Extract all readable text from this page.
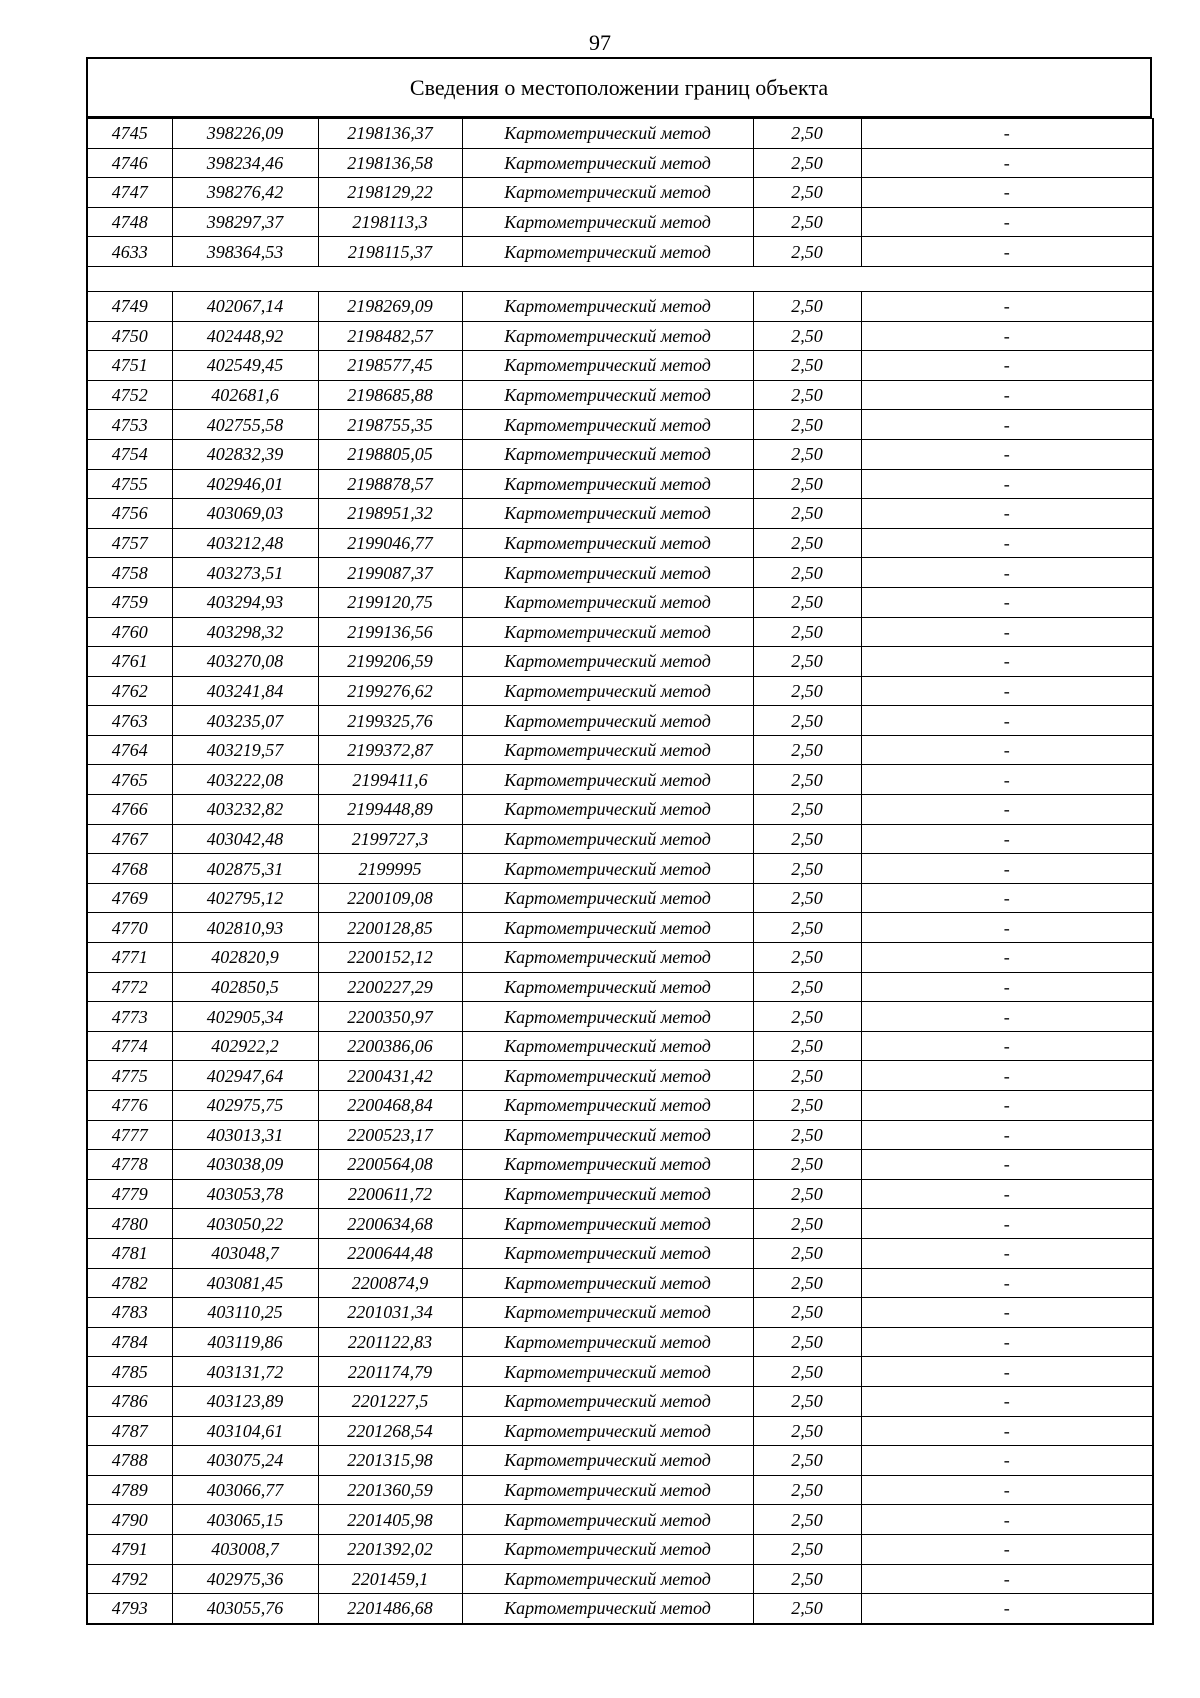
97
Сведения о местоположении границ объекта
4745	398226,09	2198136,37	Картометрический метод	2,50	-
4746	398234,46	2198136,58	Картометрический метод	2,50	-
4747	398276,42	2198129,22	Картометрический метод	2,50	-
4748	398297,37	2198113,3	Картометрический метод	2,50	-
4633	398364,53	2198115,37	Картометрический метод	2,50	-

4749	402067,14	2198269,09	Картометрический метод	2,50	-
4750	402448,92	2198482,57	Картометрический метод	2,50	-
4751	402549,45	2198577,45	Картометрический метод	2,50	-
4752	402681,6	2198685,88	Картометрический метод	2,50	-
4753	402755,58	2198755,35	Картометрический метод	2,50	-
4754	402832,39	2198805,05	Картометрический метод	2,50	-
4755	402946,01	2198878,57	Картометрический метод	2,50	-
4756	403069,03	2198951,32	Картометрический метод	2,50	-
4757	403212,48	2199046,77	Картометрический метод	2,50	-
4758	403273,51	2199087,37	Картометрический метод	2,50	-
4759	403294,93	2199120,75	Картометрический метод	2,50	-
4760	403298,32	2199136,56	Картометрический метод	2,50	-
4761	403270,08	2199206,59	Картометрический метод	2,50	-
4762	403241,84	2199276,62	Картометрический метод	2,50	-
4763	403235,07	2199325,76	Картометрический метод	2,50	-
4764	403219,57	2199372,87	Картометрический метод	2,50	-
4765	403222,08	2199411,6	Картометрический метод	2,50	-
4766	403232,82	2199448,89	Картометрический метод	2,50	-
4767	403042,48	2199727,3	Картометрический метод	2,50	-
4768	402875,31	2199995	Картометрический метод	2,50	-
4769	402795,12	2200109,08	Картометрический метод	2,50	-
4770	402810,93	2200128,85	Картометрический метод	2,50	-
4771	402820,9	2200152,12	Картометрический метод	2,50	-
4772	402850,5	2200227,29	Картометрический метод	2,50	-
4773	402905,34	2200350,97	Картометрический метод	2,50	-
4774	402922,2	2200386,06	Картометрический метод	2,50	-
4775	402947,64	2200431,42	Картометрический метод	2,50	-
4776	402975,75	2200468,84	Картометрический метод	2,50	-
4777	403013,31	2200523,17	Картометрический метод	2,50	-
4778	403038,09	2200564,08	Картометрический метод	2,50	-
4779	403053,78	2200611,72	Картометрический метод	2,50	-
4780	403050,22	2200634,68	Картометрический метод	2,50	-
4781	403048,7	2200644,48	Картометрический метод	2,50	-
4782	403081,45	2200874,9	Картометрический метод	2,50	-
4783	403110,25	2201031,34	Картометрический метод	2,50	-
4784	403119,86	2201122,83	Картометрический метод	2,50	-
4785	403131,72	2201174,79	Картометрический метод	2,50	-
4786	403123,89	2201227,5	Картометрический метод	2,50	-
4787	403104,61	2201268,54	Картометрический метод	2,50	-
4788	403075,24	2201315,98	Картометрический метод	2,50	-
4789	403066,77	2201360,59	Картометрический метод	2,50	-
4790	403065,15	2201405,98	Картометрический метод	2,50	-
4791	403008,7	2201392,02	Картометрический метод	2,50	-
4792	402975,36	2201459,1	Картометрический метод	2,50	-
4793	403055,76	2201486,68	Картометрический метод	2,50	-
